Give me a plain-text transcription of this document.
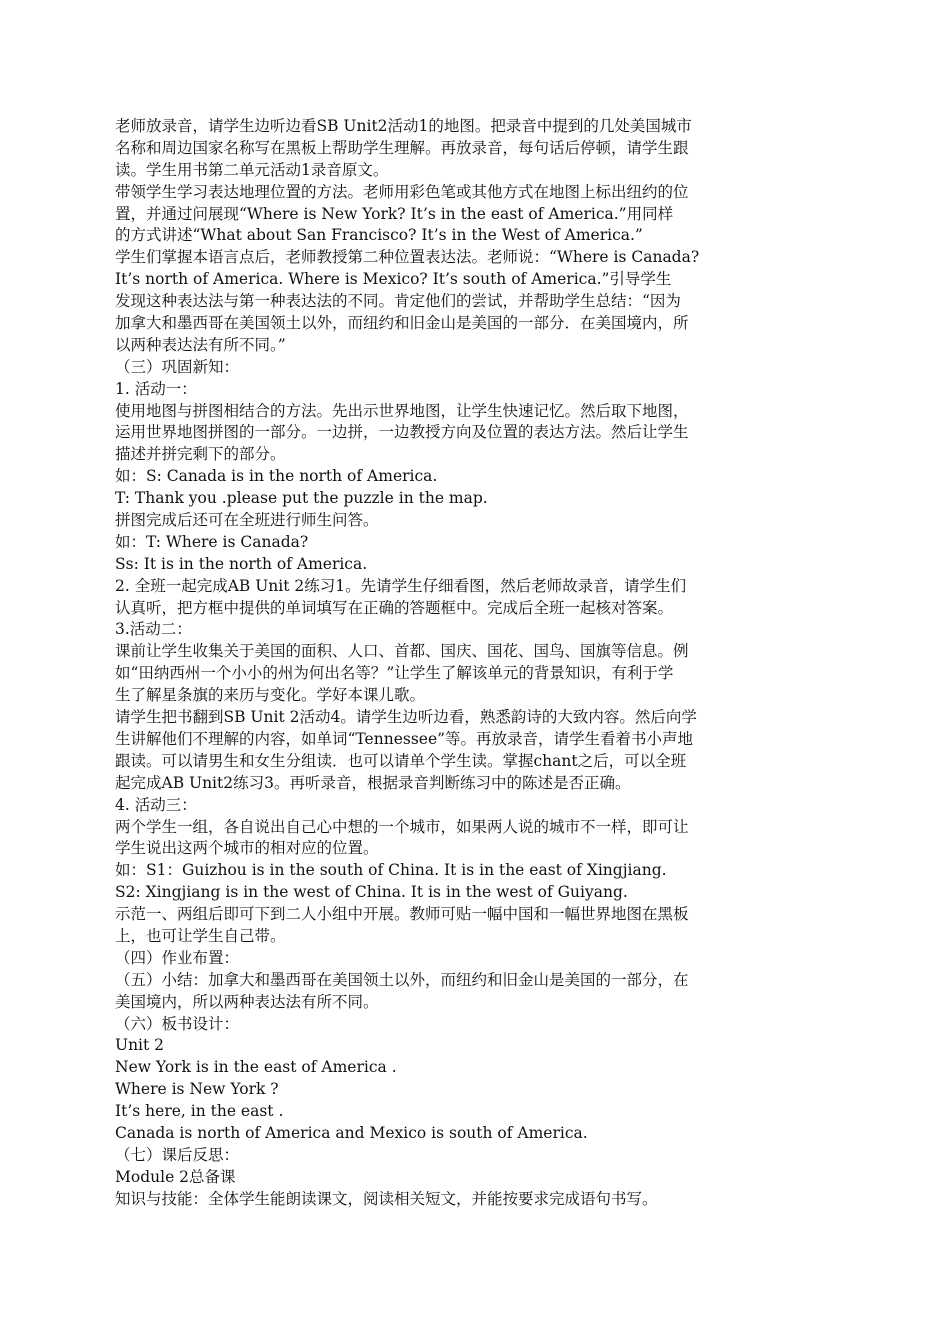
老师放录音，请学生边听边看SB Unit2活动1的地图。把录音中提到的几处美国城市
名称和周边国家名称写在黑板上帮助学生理解。再放录音，每句话后停顿，请学生跟
读。学生用书第二单元活动1录音原文。
带领学生学习表达地理位置的方法。老师用彩色笔或其他方式在地图上标出纽约的位
置，并通过问展现“Where is New York? It’s in the east of America.”用同样
的方式讲述“What about San Francisco? It’s in the West of America.”
学生们掌握本语言点后，老师教授第二种位置表达法。老师说：“Where is Canada?
It’s north of America. Where is Mexico? It’s south of America.”引导学生
发现这种表达法与第一种表达法的不同。肯定他们的尝试，并帮助学生总结：“因为
加拿大和墨西哥在美国领土以外，而纽约和旧金山是美国的一部分．在美国境内，所
以两种表达法有所不同。”
（三）巩固新知：
1. 活动一：
使用地图与拼图相结合的方法。先出示世界地图，让学生快速记忆。然后取下地图，
运用世界地图拼图的一部分。一边拼，一边教授方向及位置的表达方法。然后让学生
描述并拼完剩下的部分。
如：S: Canada is in the north of America.
T: Thank you .please put the puzzle in the map.
拼图完成后还可在全班进行师生问答。
如：T: Where is Canada?
Ss: It is in the north of America.
2. 全班一起完成AB Unit 2练习1。先请学生仔细看图，然后老师故录音，请学生们
认真听，把方框中提供的单词填写在正确的答题框中。完成后全班一起核对答案。
3.活动二：
课前让学生收集关于美国的面积、人口、首都、国庆、国花、国鸟、国旗等信息。例
如“田纳西州一个小小的州为何出名等？”让学生了解该单元的背景知识，有利于学
生了解星条旗的来历与变化。学好本课儿歌。
请学生把书翻到SB Unit 2活动4。请学生边听边看，熟悉韵诗的大致内容。然后向学
生讲解他们不理解的内容，如单词“Tennessee”等。再放录音，请学生看着书小声地
跟读。可以请男生和女生分组读．也可以请单个学生读。掌握chant之后，可以全班
起完成AB Unit2练习3。再听录音，根据录音判断练习中的陈述是否正确。
4. 活动三：
两个学生一组，各自说出自己心中想的一个城市，如果两人说的城市不一样，即可让
学生说出这两个城市的相对应的位置。
如：S1：Guizhou is in the south of China. It is in the east of Xingjiang.
S2: Xingjiang is in the west of China. It is in the west of Guiyang.
示范一、两组后即可下到二人小组中开展。教师可贴一幅中国和一幅世界地图在黑板
上，也可让学生自己带。
（四）作业布置：
（五）小结：加拿大和墨西哥在美国领土以外，而纽约和旧金山是美国的一部分，在
美国境内，所以两种表达法有所不同。
（六）板书设计：
Unit 2
New York is in the east of America .
Where is New York ?
It’s here, in the east .
Canada is north of America and Mexico is south of America.
（七）课后反思：
Module 2总备课
知识与技能：全体学生能朗读课文，阅读相关短文，并能按要求完成语句书写。
